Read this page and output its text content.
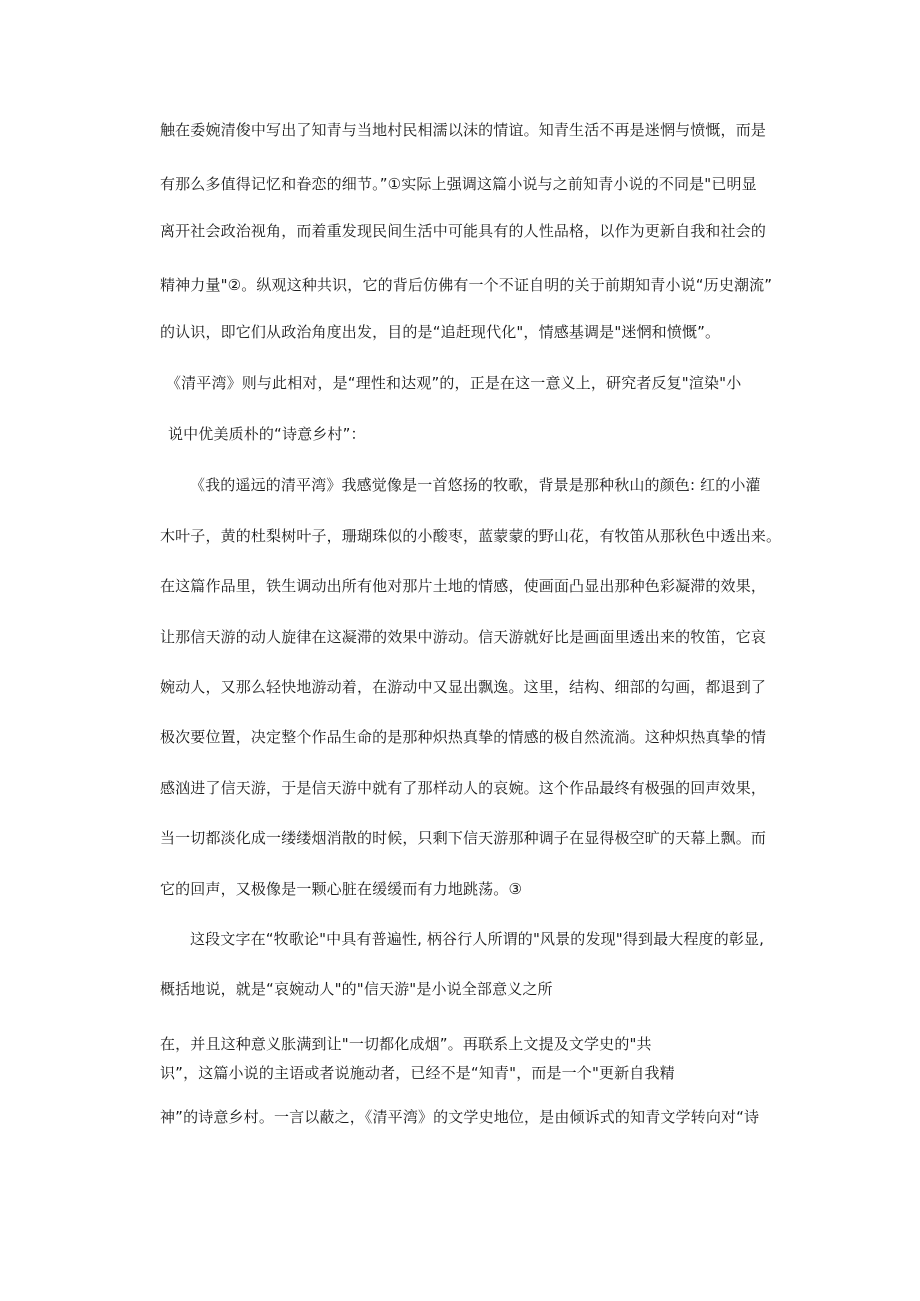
触在委婉清俊中写出了知青与当地村民相濡以沫的情谊。知青生活不再是迷惘与愤慨，而是
有那么多值得记忆和眷恋的细节。”①实际上强调这篇小说与之前知青小说的不同是"已明显
离开社会政治视角，而着重发现民间生活中可能具有的人性品格，以作为更新自我和社会的
精神力量"②。纵观这种共识，它的背后仿佛有一个不证自明的关于前期知青小说“历史潮流”
的认识，即它们从政治角度出发，目的是“追赶现代化"，情感基调是"迷惘和愤慨”。
《清平湾》则与此相对，是“理性和达观”的，正是在这一意义上，研究者反复"渲染"小
说中优美质朴的“诗意乡村”：
《我的遥远的清平湾》我感觉像是一首悠扬的牧歌，背景是那种秋山的颜色: 红的小灌
木叶子，黄的杜梨树叶子，珊瑚珠似的小酸枣，蓝蒙蒙的野山花，有牧笛从那秋色中透出来。
在这篇作品里，铁生调动出所有他对那片土地的情感，使画面凸显出那种色彩凝滞的效果，
让那信天游的动人旋律在这凝滞的效果中游动。信天游就好比是画面里透出来的牧笛，它哀
婉动人，又那么轻快地游动着，在游动中又显出飘逸。这里，结构、细部的勾画，都退到了
极次要位置，决定整个作品生命的是那种炽热真挚的情感的极自然流淌。这种炽热真挚的情
感汹进了信天游，于是信天游中就有了那样动人的哀婉。这个作品最终有极强的回声效果，
当一切都淡化成一缕缕烟消散的时候，只剩下信天游那种调子在显得极空旷的天幕上飘。而
它的回声，又极像是一颗心脏在缓缓而有力地跳荡。③
这段文字在“牧歌论"中具有普遍性, 柄谷行人所谓的"风景的发现"得到最大程度的彰显,
概括地说，就是“哀婉动人"的"信天游"是小说全部意义之所
在，并且这种意义胀满到让"一切都化成烟”。再联系上文提及文学史的"共
识”，这篇小说的主语或者说施动者，已经不是“知青"，而是一个"更新自我精
神”的诗意乡村。一言以蔽之，《清平湾》的文学史地位，是由倾诉式的知青文学转向对“诗
